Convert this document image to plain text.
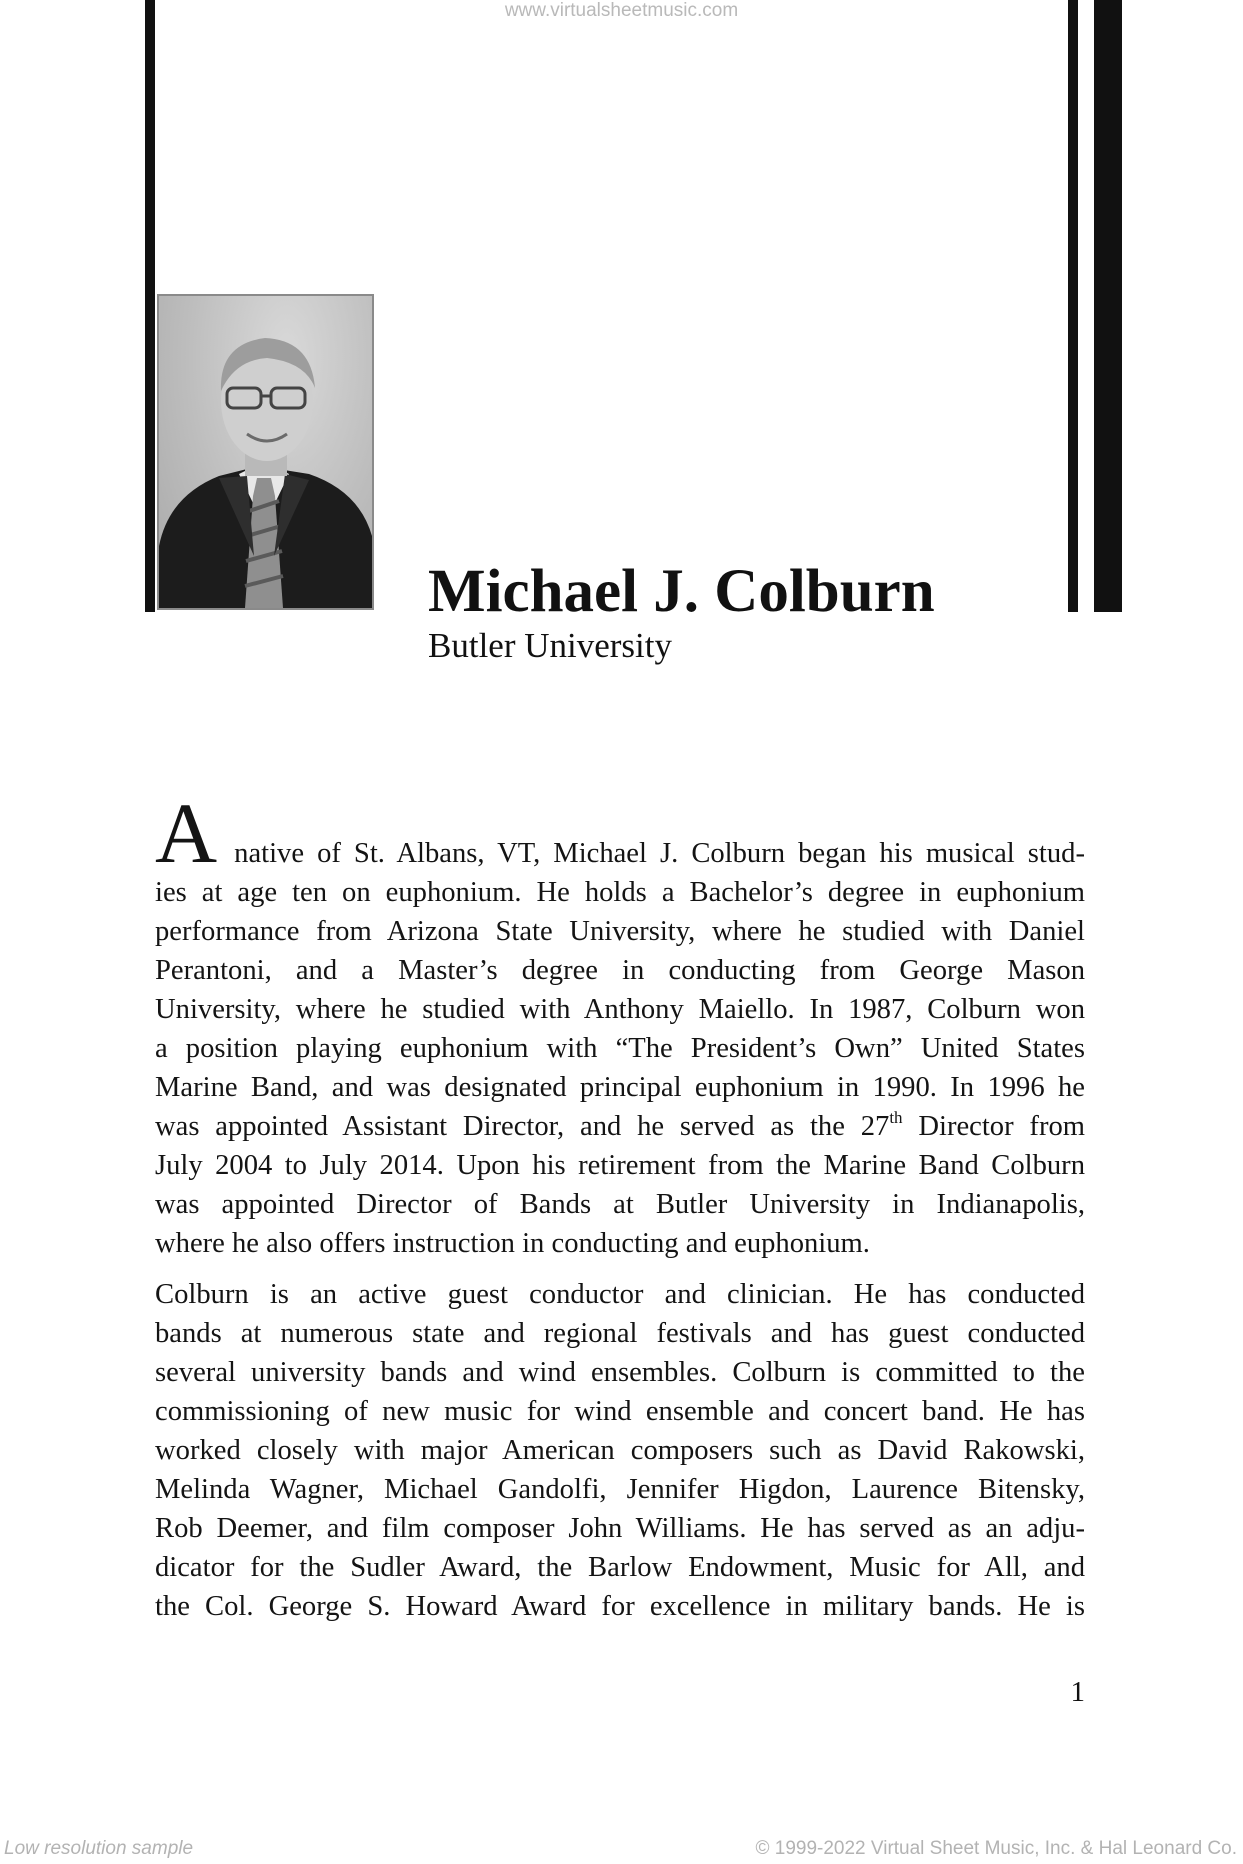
www.virtualsheetmusic.com
Michael J. Colburn
Butler University
A native of St. Albans, VT, Michael J. Colburn began his musical stud-
ies at age ten on euphonium. He holds a Bachelor’s degree in euphonium
performance from Arizona State University, where he studied with Daniel
Perantoni, and a Master’s degree in conducting from George Mason
University, where he studied with Anthony Maiello. In 1987, Colburn won
a position playing euphonium with “The President’s Own” United States
Marine Band, and was designated principal euphonium in 1990. In 1996 he
was appointed Assistant Director, and he served as the 27th Director from
July 2004 to July 2014. Upon his retirement from the Marine Band Colburn
was appointed Director of Bands at Butler University in Indianapolis,
where he also offers instruction in conducting and euphonium.
Colburn is an active guest conductor and clinician. He has conducted
bands at numerous state and regional festivals and has guest conducted
several university bands and wind ensembles. Colburn is committed to the
commissioning of new music for wind ensemble and concert band. He has
worked closely with major American composers such as David Rakowski,
Melinda Wagner, Michael Gandolfi, Jennifer Higdon, Laurence Bitensky,
Rob Deemer, and film composer John Williams. He has served as an adju-
dicator for the Sudler Award, the Barlow Endowment, Music for All, and
the Col. George S. Howard Award for excellence in military bands. He is
1
Low resolution sample	© 1999-2022 Virtual Sheet Music, Inc. & Hal Leonard Co.
